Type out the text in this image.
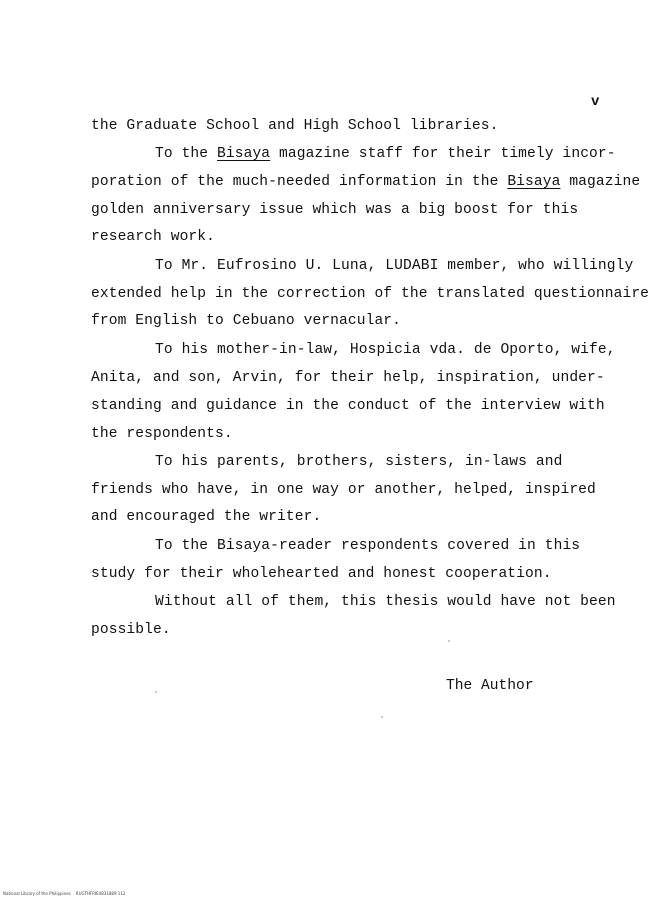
v
the Graduate School and High School libraries.
To the Bisaya magazine staff for their timely incor-
poration of the much-needed information in the Bisaya magazine
golden anniversary issue which was a big boost for this
research work.
To Mr. Eufrosino U. Luna, LUDABI member, who willingly
extended help in the correction of the translated questionnaire
from English to Cebuano vernacular.
To his mother-in-law, Hospicia vda. de Oporto, wife,
Anita, and son, Arvin, for their help, inspiration, under-
standing and guidance in the conduct of the interview with
the respondents.
To his parents, brothers, sisters, in-laws and
friends who have, in one way or another, helped, inspired
and encouraged the writer.
To the Bisaya-reader respondents covered in this
study for their wholehearted and honest cooperation.
Without all of them, this thesis would have not been
possible.
The Author
National Library of the Philippines    RUGTHFRIE4831889 112
